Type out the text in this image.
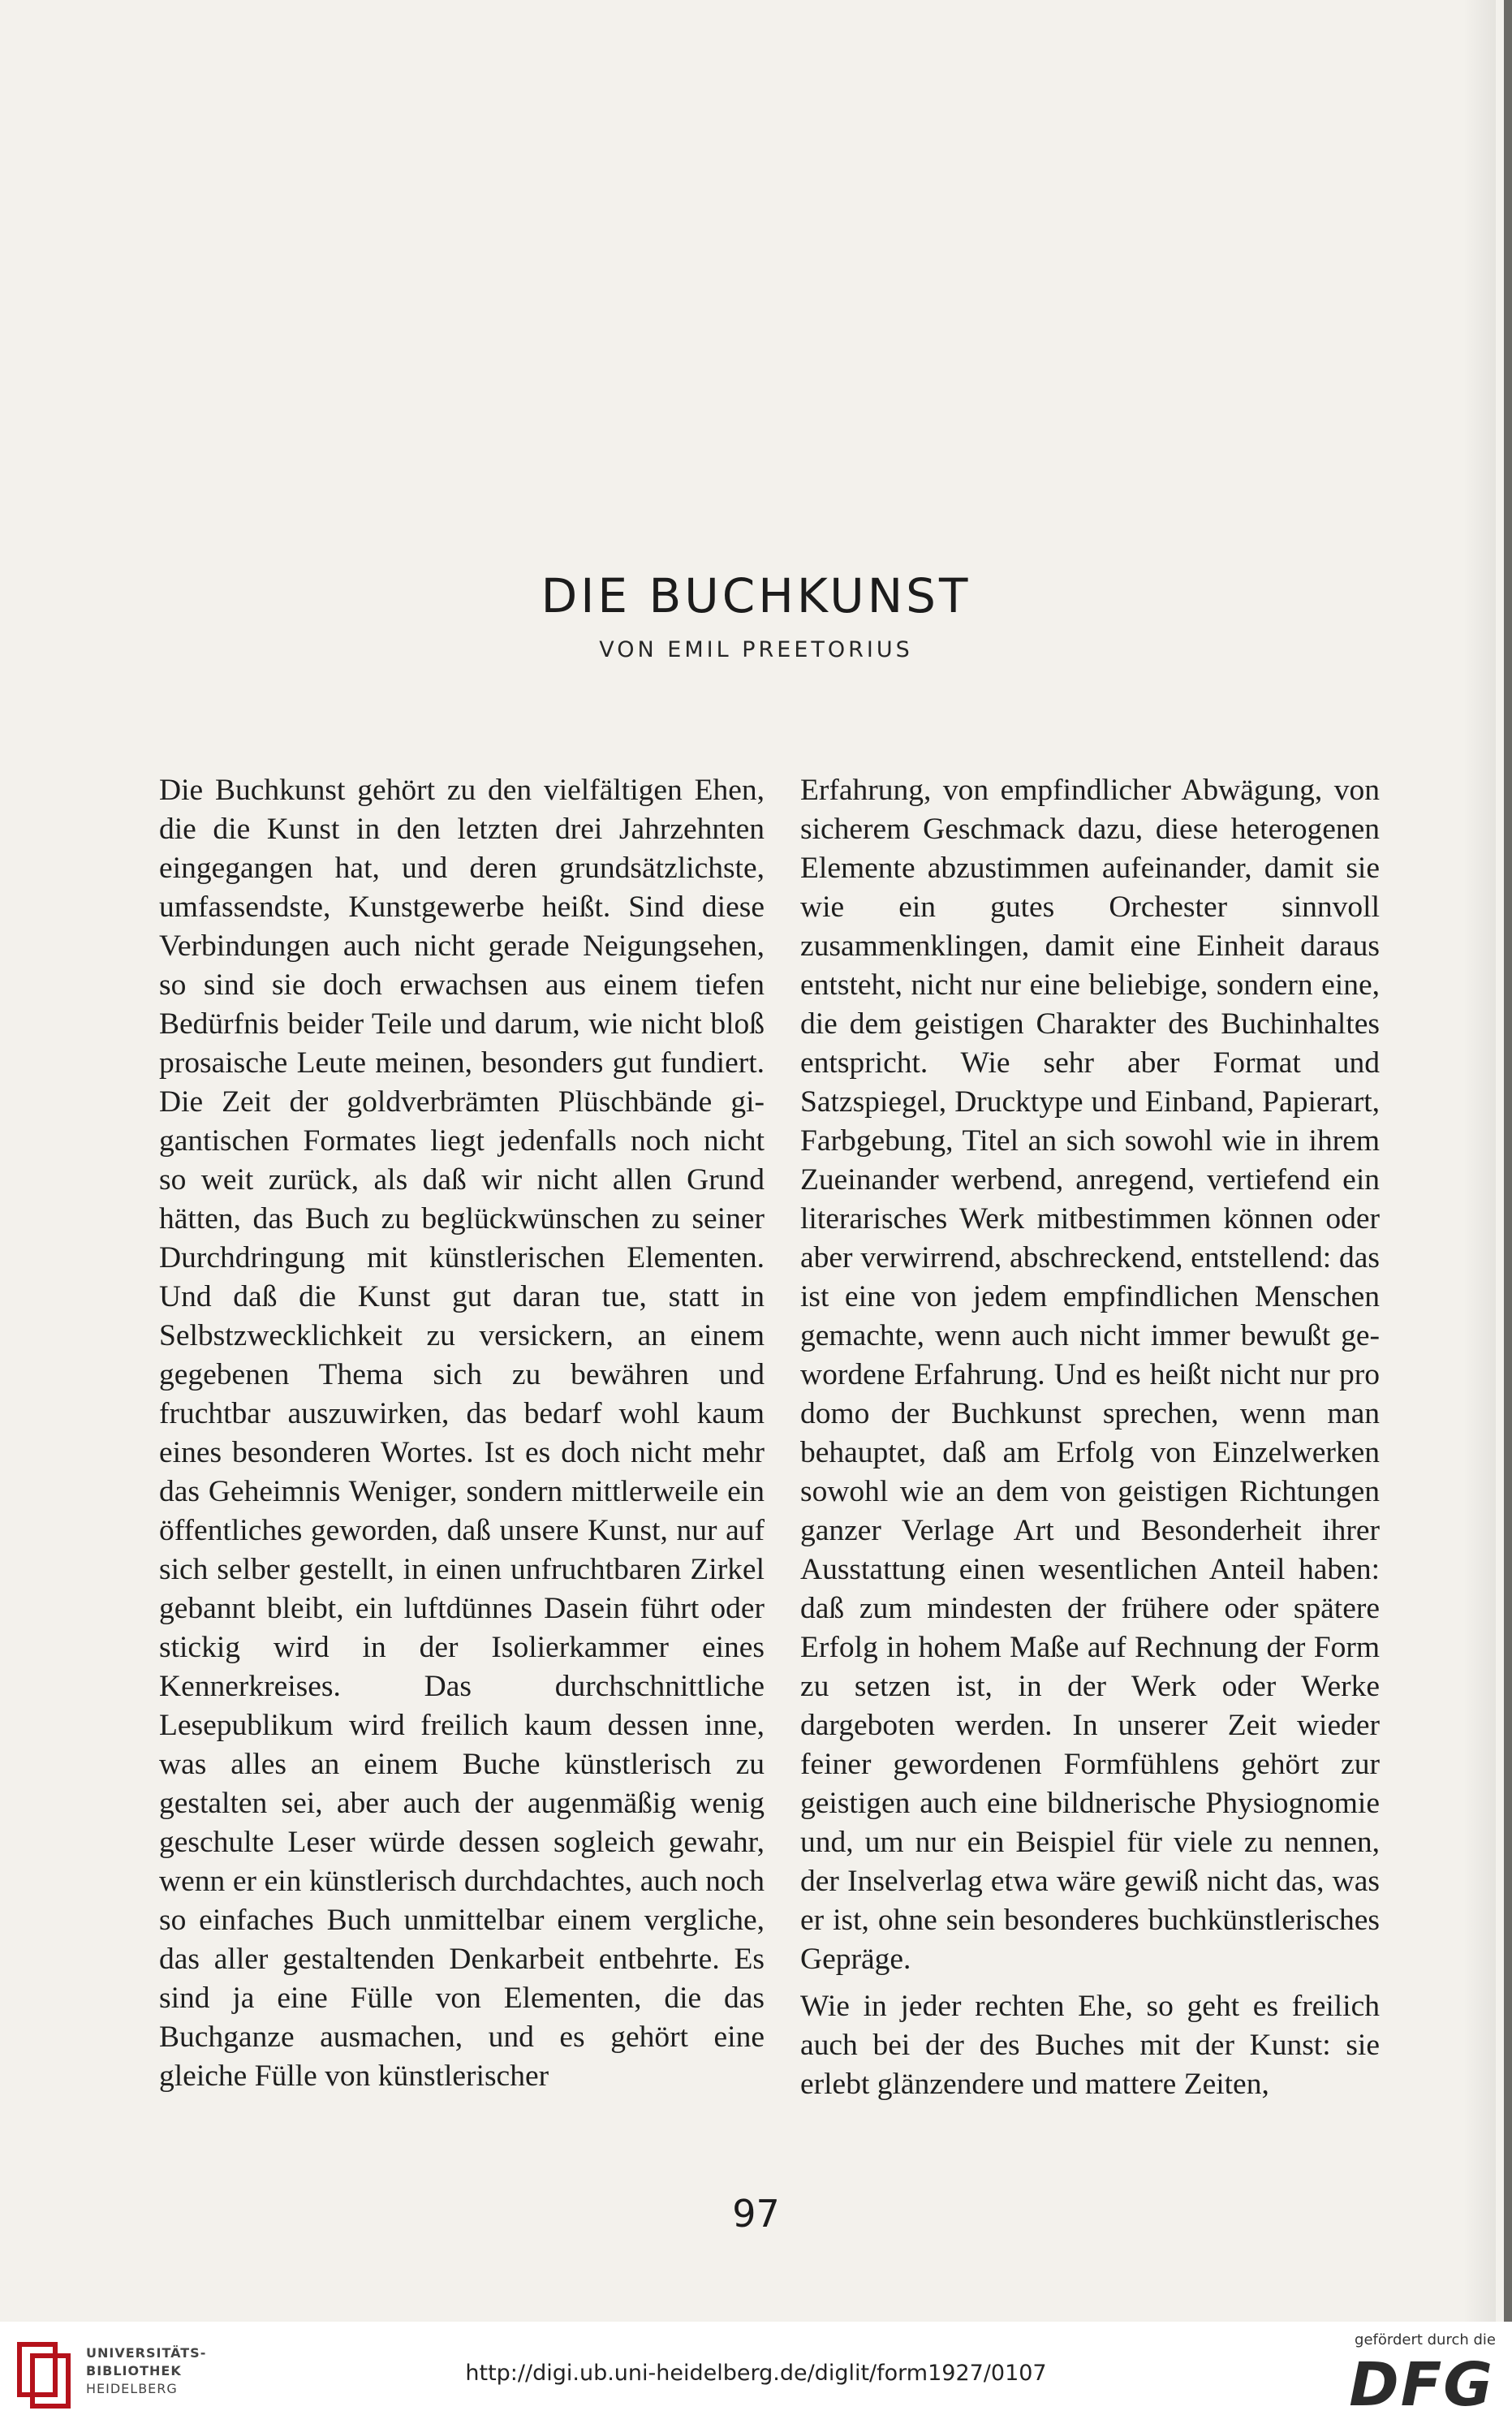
DIE BUCHKUNST
VON EMIL PREETORIUS

Die Buchkunst gehört zu den vielfältigen Ehen, die die Kunst in den letzten drei Jahrzehnten eingegangen hat, und deren grundsätzlichste, umfassendste, Kunstgewerbe heißt. Sind diese Verbindungen auch nicht gerade Neigungsehen, so sind sie doch erwachsen aus einem tiefen Bedürfnis beider Teile und darum, wie nicht bloß prosaische Leute meinen, besonders gut fundiert. Die Zeit der goldverbrämten Plüschbände gigantischen Formates liegt jedenfalls noch nicht so weit zurück, als daß wir nicht allen Grund hätten, das Buch zu beglückwünschen zu seiner Durchdringung mit künstlerischen Elementen. Und daß die Kunst gut daran tue, statt in Selbstzwecklichkeit zu versickern, an einem gegebenen Thema sich zu bewähren und fruchtbar auszuwirken, das bedarf wohl kaum eines besonderen Wortes. Ist es doch nicht mehr das Geheimnis Weniger, sondern mittlerweile ein öffentliches geworden, daß unsere Kunst, nur auf sich selber gestellt, in einen unfruchtbaren Zirkel gebannt bleibt, ein luftdünnes Dasein führt oder stickig wird in der Isolierkammer eines Kennerkreises. Das durchschnittliche Lesepublikum wird freilich kaum dessen inne, was alles an einem Buche künstlerisch zu gestalten sei, aber auch der augenmäßig wenig geschulte Leser würde dessen sogleich gewahr, wenn er ein künstlerisch durchdachtes, auch noch so einfaches Buch unmittelbar einem vergliche, das aller gestaltenden Denkarbeit entbehrte. Es sind ja eine Fülle von Elementen, die das Buchganze ausmachen, und es gehört eine gleiche Fülle von künstlerischer

Erfahrung, von empfindlicher Abwägung, von sicherem Geschmack dazu, diese heterogenen Elemente abzustimmen aufeinander, damit sie wie ein gutes Orchester sinnvoll zusammenklingen, damit eine Einheit daraus entsteht, nicht nur eine beliebige, sondern eine, die dem geistigen Charakter des Buchinhaltes entspricht. Wie sehr aber Format und Satzspiegel, Drucktype und Einband, Papierart, Farbgebung, Titel an sich sowohl wie in ihrem Zueinander werbend, anregend, vertiefend ein literarisches Werk mitbestimmen können oder aber verwirrend, abschreckend, entstellend: das ist eine von jedem empfindlichen Menschen gemachte, wenn auch nicht immer bewußt gewordene Erfahrung. Und es heißt nicht nur pro domo der Buchkunst sprechen, wenn man behauptet, daß am Erfolg von Einzelwerken sowohl wie an dem von geistigen Richtungen ganzer Verlage Art und Besonderheit ihrer Ausstattung einen wesentlichen Anteil haben: daß zum mindesten der frühere oder spätere Erfolg in hohem Maße auf Rechnung der Form zu setzen ist, in der Werk oder Werke dargeboten werden. In unserer Zeit wieder feiner gewordenen Formfühlens gehört zur geistigen auch eine bildnerische Physiognomie und, um nur ein Beispiel für viele zu nennen, der Inselverlag etwa wäre gewiß nicht das, was er ist, ohne sein besonderes buchkünstlerisches Gepräge.

Wie in jeder rechten Ehe, so geht es freilich auch bei der des Buches mit der Kunst: sie erlebt glänzendere und mattere Zeiten,

97
UNIVERSITÄTS-
BIBLIOTHEK
HEIDELBERG
http://digi.ub.uni-heidelberg.de/diglit/form1927/0107
gefördert durch die
DFG
